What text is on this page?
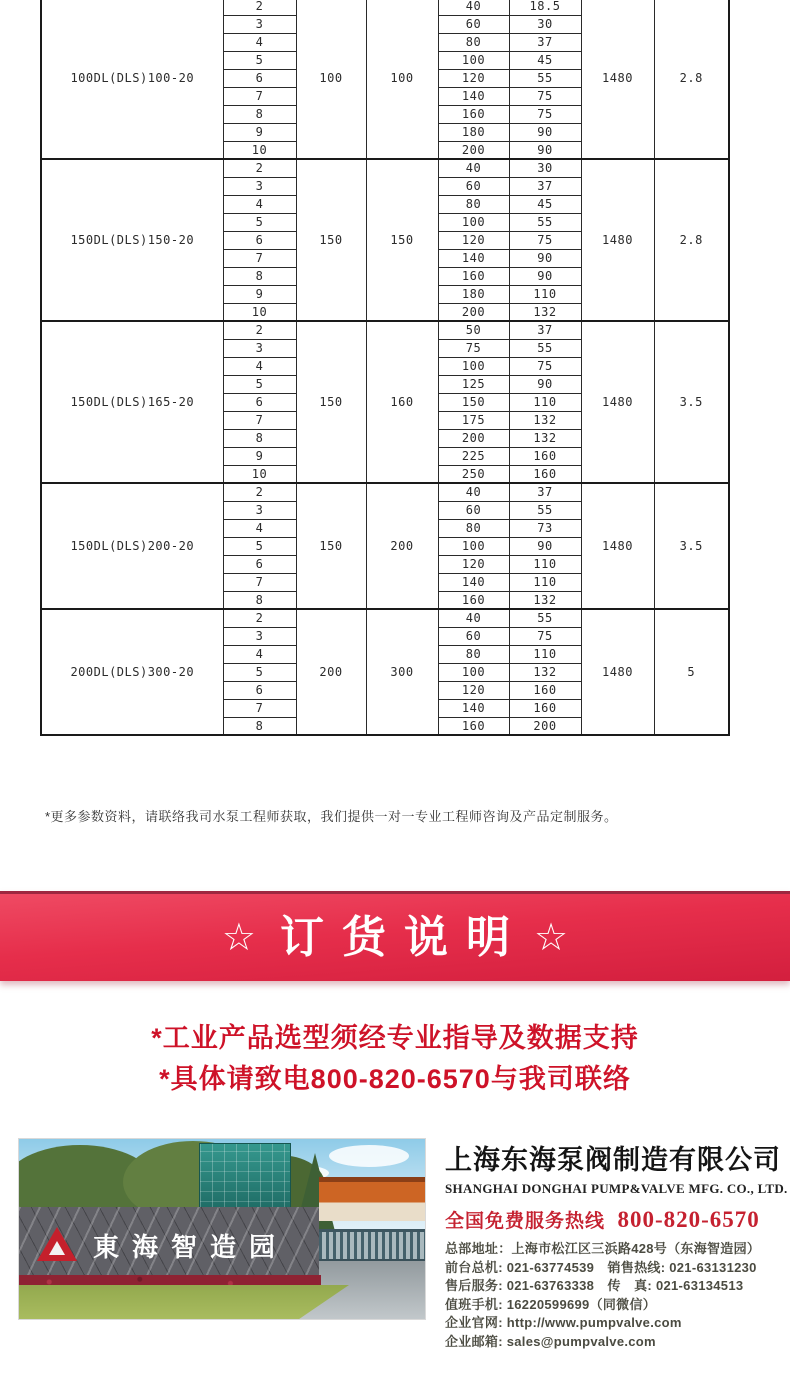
100DL(DLS)100-20	2	100	100	40	18.5	1480	2.8
	3			60	30		
	4			80	37		
	5			100	45		
	6			120	55		
	7			140	75		
	8			160	75		
	9			180	90		
	10			200	90		
150DL(DLS)150-20	2	150	150	40	30	1480	2.8
	3			60	37		
	4			80	45		
	5			100	55		
	6			120	75		
	7			140	90		
	8			160	90		
	9			180	110		
	10			200	132		
150DL(DLS)165-20	2	150	160	50	37	1480	3.5
	3			75	55		
	4			100	75		
	5			125	90		
	6			150	110		
	7			175	132		
	8			200	132		
	9			225	160		
	10			250	160		
150DL(DLS)200-20	2	150	200	40	37	1480	3.5
	3			60	55		
	4			80	73		
	5			100	90		
	6			120	110		
	7			140	110		
	8			160	132		
200DL(DLS)300-20	2	200	300	40	55	1480	5
	3			60	75		
	4			80	110		
	5			100	132		
	6			120	160		
	7			140	160		
	8			160	200		

*更多参数资料，请联络我司水泵工程师获取，我们提供一对一专业工程师咨询及产品定制服务。

☆ 订货说明 ☆

*工业产品选型须经专业指导及数据支持

*具体请致电800-820-6570与我司联络

東海智造园
上海东海泵阀制造有限公司
SHANGHAI DONGHAI PUMP&VALVE MFG. CO., LTD.
全国免费服务热线 800-820-6570

总部地址：上海市松江区三浜路428号（东海智造园）

前台总机: 021-63774539　销售热线: 021-63131230

售后服务: 021-63763338　传　真: 021-63134513

值班手机: 16220599699（同微信）

企业官网: http://www.pumpvalve.com

企业邮箱: sales@pumpvalve.com
